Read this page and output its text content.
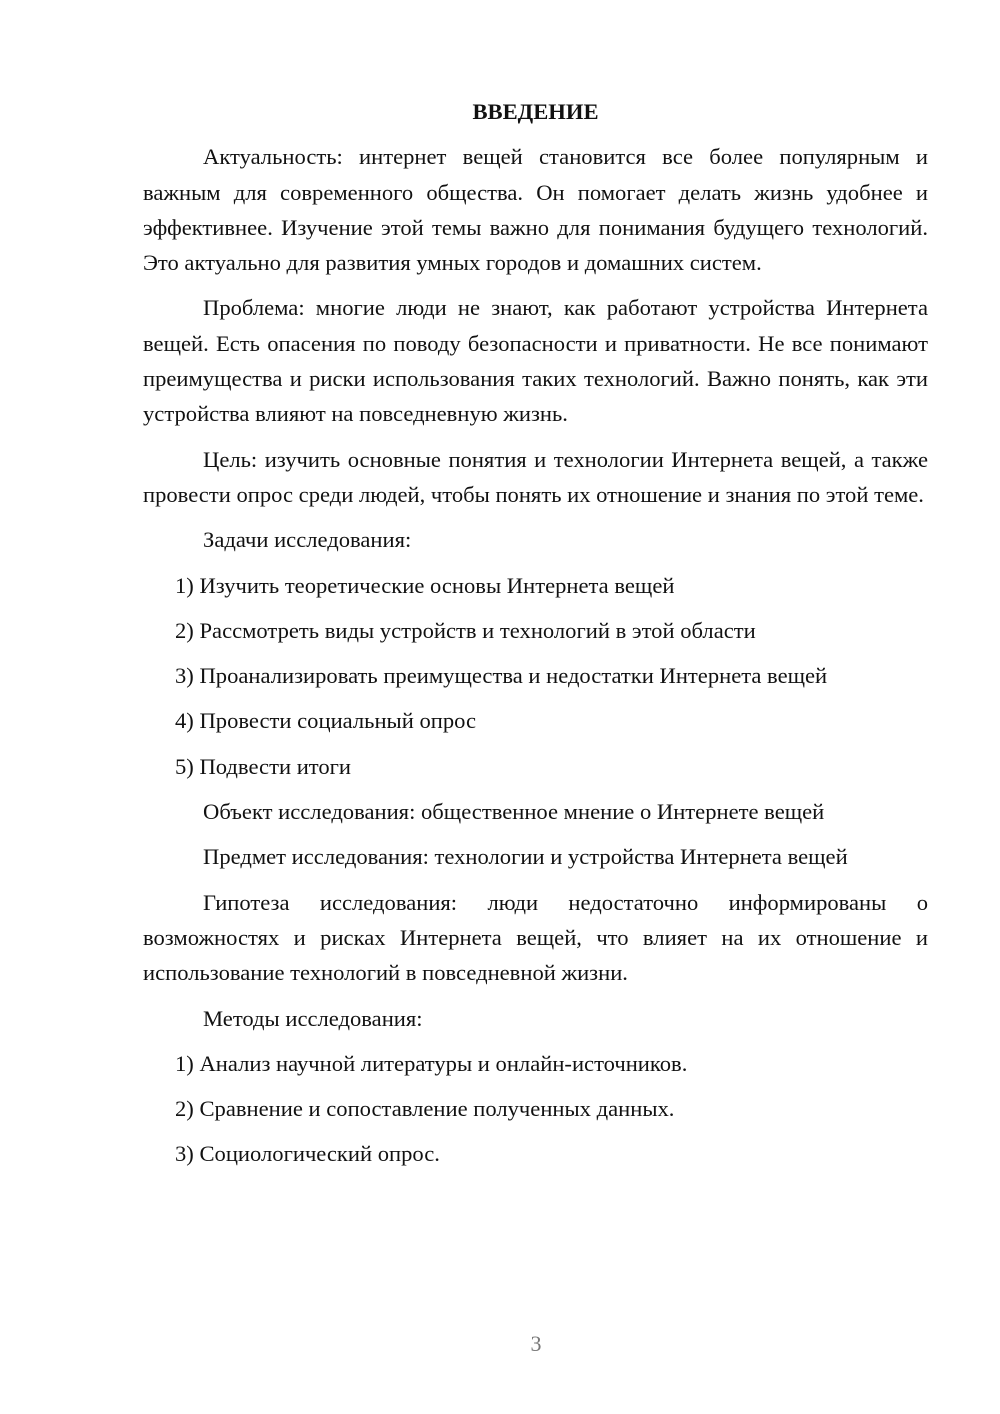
ВВЕДЕНИЕ

Актуальность: интернет вещей становится все более популярным и важным для современного общества. Он помогает делать жизнь удобнее и эффективнее. Изучение этой темы важно для понимания будущего технологий. Это актуально для развития умных городов и домашних систем.

Проблема: многие люди не знают, как работают устройства Интернета вещей. Есть опасения по поводу безопасности и приватности. Не все понимают преимущества и риски использования таких технологий. Важно понять, как эти устройства влияют на повседневную жизнь.

Цель: изучить основные понятия и технологии Интернета вещей, а также провести опрос среди людей, чтобы понять их отношение и знания по этой теме.

Задачи исследования:
1) Изучить теоретические основы Интернета вещей
2) Рассмотреть виды устройств и технологий в этой области
3) Проанализировать преимущества и недостатки Интернета вещей
4) Провести социальный опрос
5) Подвести итоги
Объект исследования: общественное мнение о Интернете вещей
Предмет исследования: технологии и устройства Интернета вещей

Гипотеза исследования: люди недостаточно информированы о возможностях и рисках Интернета вещей, что влияет на их отношение и использование технологий в повседневной жизни.

Методы исследования:
1) Анализ научной литературы и онлайн-источников.
2) Сравнение и сопоставление полученных данных.
3) Социологический опрос.
3
